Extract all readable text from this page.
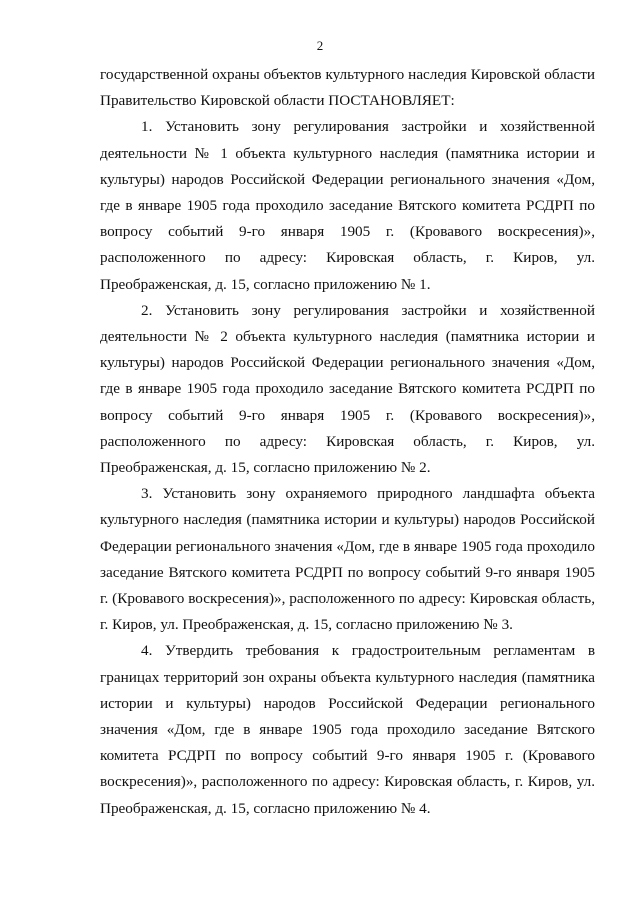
2

государственной охраны объектов культурного наследия Кировской области Правительство Кировской области ПОСТАНОВЛЯЕТ:

1. Установить зону регулирования застройки и хозяйственной деятельности № 1 объекта культурного наследия (памятника истории и культуры) народов Российской Федерации регионального значения «Дом, где в январе 1905 года проходило заседание Вятского комитета РСДРП по вопросу событий 9-го января 1905 г. (Кровавого воскресения)», расположенного по адресу: Кировская область, г. Киров, ул. Преображенская, д. 15, согласно приложению № 1.

2. Установить зону регулирования застройки и хозяйственной деятельности № 2 объекта культурного наследия (памятника истории и культуры) народов Российской Федерации регионального значения «Дом, где в январе 1905 года проходило заседание Вятского комитета РСДРП по вопросу событий 9-го января 1905 г. (Кровавого воскресения)», расположенного по адресу: Кировская область, г. Киров, ул. Преображенская, д. 15, согласно приложению № 2.

3. Установить зону охраняемого природного ландшафта объекта культурного наследия (памятника истории и культуры) народов Российской Федерации регионального значения «Дом, где в январе 1905 года проходило заседание Вятского комитета РСДРП по вопросу событий 9-го января 1905 г. (Кровавого воскресения)», расположенного по адресу: Кировская область, г. Киров, ул. Преображенская, д. 15, согласно приложению № 3.

4. Утвердить требования к градостроительным регламентам в границах территорий зон охраны объекта культурного наследия (памятника истории и культуры) народов Российской Федерации регионального значения «Дом, где в январе 1905 года проходило заседание Вятского комитета РСДРП по вопросу событий 9-го января 1905 г. (Кровавого воскресения)», расположенного по адресу: Кировская область, г. Киров, ул. Преображенская, д. 15, согласно приложению № 4.
